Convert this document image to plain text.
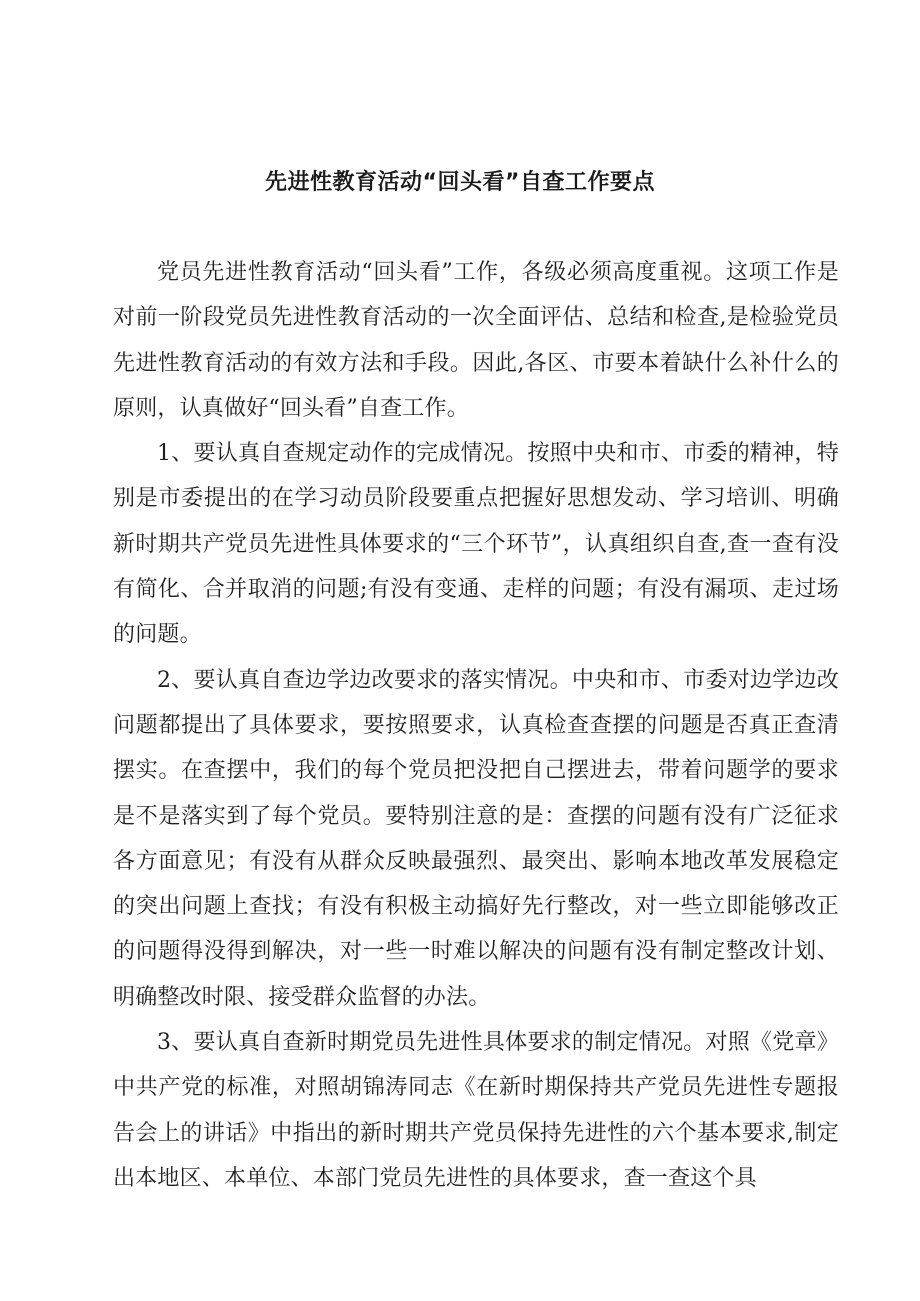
先进性教育活动“回头看”自查工作要点

党员先进性教育活动“回头看”工作，各级必须高度重视。这项工作是对前一阶段党员先进性教育活动的一次全面评估、总结和检查,是检验党员先进性教育活动的有效方法和手段。因此,各区、市要本着缺什么补什么的原则，认真做好“回头看”自查工作。

1、要认真自查规定动作的完成情况。按照中央和市、市委的精神，特别是市委提出的在学习动员阶段要重点把握好思想发动、学习培训、明确新时期共产党员先进性具体要求的“三个环节”，认真组织自查,查一查有没有简化、合并取消的问题;有没有变通、走样的问题；有没有漏项、走过场的问题。

2、要认真自查边学边改要求的落实情况。中央和市、市委对边学边改问题都提出了具体要求，要按照要求，认真检查查摆的问题是否真正查清摆实。在查摆中，我们的每个党员把没把自己摆进去，带着问题学的要求是不是落实到了每个党员。要特别注意的是：查摆的问题有没有广泛征求各方面意见；有没有从群众反映最强烈、最突出、影响本地改革发展稳定的突出问题上查找；有没有积极主动搞好先行整改，对一些立即能够改正的问题得没得到解决，对一些一时难以解决的问题有没有制定整改计划、明确整改时限、接受群众监督的办法。

3、要认真自查新时期党员先进性具体要求的制定情况。对照《党章》中共产党的标准，对照胡锦涛同志《在新时期保持共产党员先进性专题报告会上的讲话》中指出的新时期共产党员保持先进性的六个基本要求,制定出本地区、本单位、本部门党员先进性的具体要求，查一查这个具
